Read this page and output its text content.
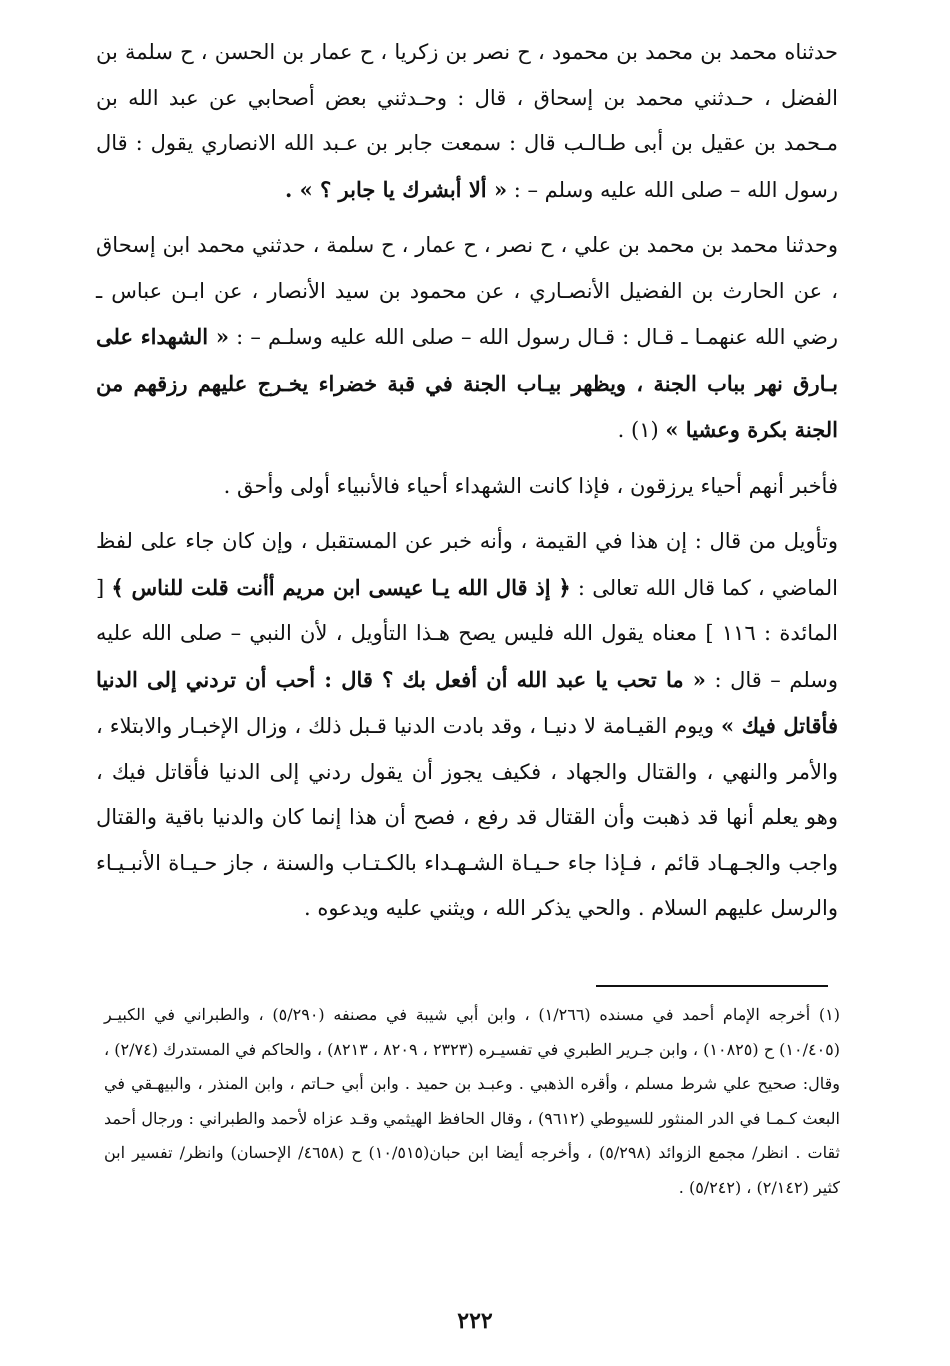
حدثناه محمد بن محمد بن محمود ، ح نصر بن زكريا ، ح عمار بن الحسن ، ح سلمة بن الفضل ، حـدثني محمد بن إسحاق ، قال : وحـدثني بعض أصحابي عن عبد الله بن مـحمد بن عقيل بن أبى طـالـب قال : سمعت جابر بن عـبد الله الانصاري يقول : قال رسول الله – صلى الله عليه وسلم – : « ألا أبشرك يا جابر ؟ » .

وحدثنا محمد بن محمد بن علي ، ح نصر ، ح عمار ، ح سلمة ، حدثني محمد ابن إسحاق ، عن الحارث بن الفضيل الأنصـاري ، عن محمود بن سيد الأنصار ، عن ابـن عباس ـ رضي الله عنهمـا ـ قـال : قـال رسول الله – صلى الله عليه وسلـم – : « الشهداء على بـارق نهر بباب الجنة ، ويظهر بيـاب الجنة في قبة خضراء يخـرج عليهم رزقهم من الجنة بكرة وعشيا » (١) .

فأخبر أنهم أحياء يرزقون ، فإذا كانت الشهداء أحياء فالأنبياء أولى وأحق .

وتأويل من قال : إن هذا في القيمة ، وأنه خبر عن المستقبل ، وإن كان جاء على لفظ الماضي ، كما قال الله تعالى : ﴿ إذ قال الله يـا عيسى ابن مريم أأنت قلت للناس ﴾ [ المائدة : ١١٦ ] معناه يقول الله فليس يصح هـذا التأويل ، لأن النبي – صلى الله عليه وسلم – قال : « ما تحب يا عبد الله أن أفعل بك ؟ قال : أحب أن تردني إلى الدنيا فأقاتل فيك » ويوم القيـامة لا دنيـا ، وقد بادت الدنيا قـبل ذلك ، وزال الإخبـار والابتلاء ، والأمر والنهي ، والقتال والجهاد ، فكيف يجوز أن يقول ردني إلى الدنيا فأقاتل فيك ، وهو يعلم أنها قد ذهبت وأن القتال قد رفع ، فصح أن هذا إنما كان والدنيا باقية والقتال واجب والجـهـاد قائم ، فـإذا جاء حـيـاة الشـهـداء بالكـتـاب والسنة ، جاز حـيـاة الأنبـيـاء والرسل عليهم السلام . والحي يذكر الله ، ويثني عليه ويدعوه .

(١) أخرجه الإمام أحمد في مسنده (١/٢٦٦) ، وابن أبي شيبة في مصنفه (٥/٢٩٠) ، والطبراني في الكبيـر (١٠/٤٠٥) ح (١٠٨٢٥) ، وابن جـرير الطبري في تفسيـره (٢٣٢٣ ، ٨٢٠٩ ، ٨٢١٣) ، والحاكم في المستدرك (٢/٧٤) ، وقال: صحيح علي شرط مسلم ، وأقره الذهبي . وعبـد بن حميد . وابن أبي حـاتم ، وابن المنذر ، والبيهـقي في البعث كـمـا في الدر المنثور للسيوطي (٩٦١٢) ، وقال الحافظ الهيثمي وقـد عزاه لأحمد والطبراني : ورجال أحمد ثقات . انظر/ مجمع الزوائد (٥/٢٩٨) ، وأخرجه أيضا ابن حبان(١٠/٥١٥) ح (٤٦٥٨/ الإحسان) وانظر/ تفسير ابن كثير (٢/١٤٢) ، (٥/٢٤٢) .
٢٢٢
